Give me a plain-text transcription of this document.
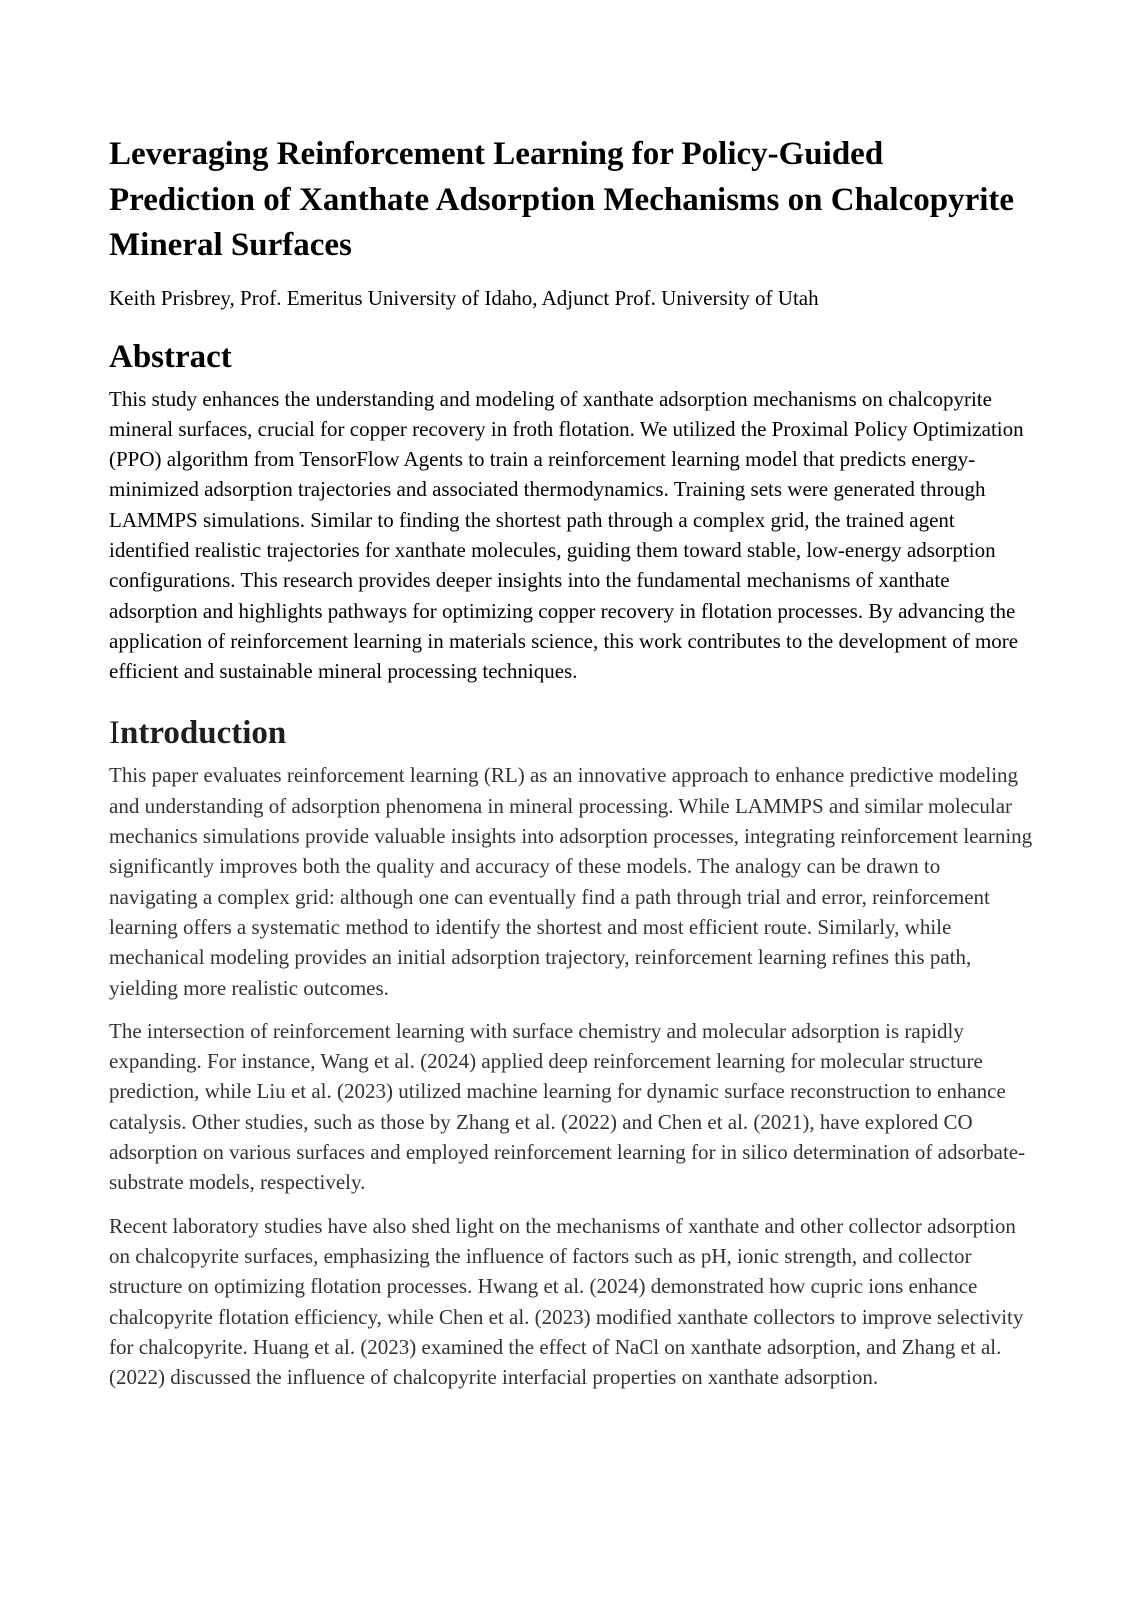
Leveraging Reinforcement Learning for Policy-Guided Prediction of Xanthate Adsorption Mechanisms on Chalcopyrite Mineral Surfaces

Keith Prisbrey, Prof. Emeritus University of Idaho, Adjunct Prof. University of Utah

Abstract

This study enhances the understanding and modeling of xanthate adsorption mechanisms on chalcopyrite mineral surfaces, crucial for copper recovery in froth flotation. We utilized the Proximal Policy Optimization (PPO) algorithm from TensorFlow Agents to train a reinforcement learning model that predicts energy-minimized adsorption trajectories and associated thermodynamics. Training sets were generated through LAMMPS simulations. Similar to finding the shortest path through a complex grid, the trained agent identified realistic trajectories for xanthate molecules, guiding them toward stable, low-energy adsorption configurations. This research provides deeper insights into the fundamental mechanisms of xanthate adsorption and highlights pathways for optimizing copper recovery in flotation processes. By advancing the application of reinforcement learning in materials science, this work contributes to the development of more efficient and sustainable mineral processing techniques.

Introduction

This paper evaluates reinforcement learning (RL) as an innovative approach to enhance predictive modeling and understanding of adsorption phenomena in mineral processing. While LAMMPS and similar molecular mechanics simulations provide valuable insights into adsorption processes, integrating reinforcement learning significantly improves both the quality and accuracy of these models. The analogy can be drawn to navigating a complex grid: although one can eventually find a path through trial and error, reinforcement learning offers a systematic method to identify the shortest and most efficient route. Similarly, while mechanical modeling provides an initial adsorption trajectory, reinforcement learning refines this path, yielding more realistic outcomes.

The intersection of reinforcement learning with surface chemistry and molecular adsorption is rapidly expanding. For instance, Wang et al. (2024) applied deep reinforcement learning for molecular structure prediction, while Liu et al. (2023) utilized machine learning for dynamic surface reconstruction to enhance catalysis. Other studies, such as those by Zhang et al. (2022) and Chen et al. (2021), have explored CO adsorption on various surfaces and employed reinforcement learning for in silico determination of adsorbate-substrate models, respectively.

Recent laboratory studies have also shed light on the mechanisms of xanthate and other collector adsorption on chalcopyrite surfaces, emphasizing the influence of factors such as pH, ionic strength, and collector structure on optimizing flotation processes. Hwang et al. (2024) demonstrated how cupric ions enhance chalcopyrite flotation efficiency, while Chen et al. (2023) modified xanthate collectors to improve selectivity for chalcopyrite. Huang et al. (2023) examined the effect of NaCl on xanthate adsorption, and Zhang et al. (2022) discussed the influence of chalcopyrite interfacial properties on xanthate adsorption.
